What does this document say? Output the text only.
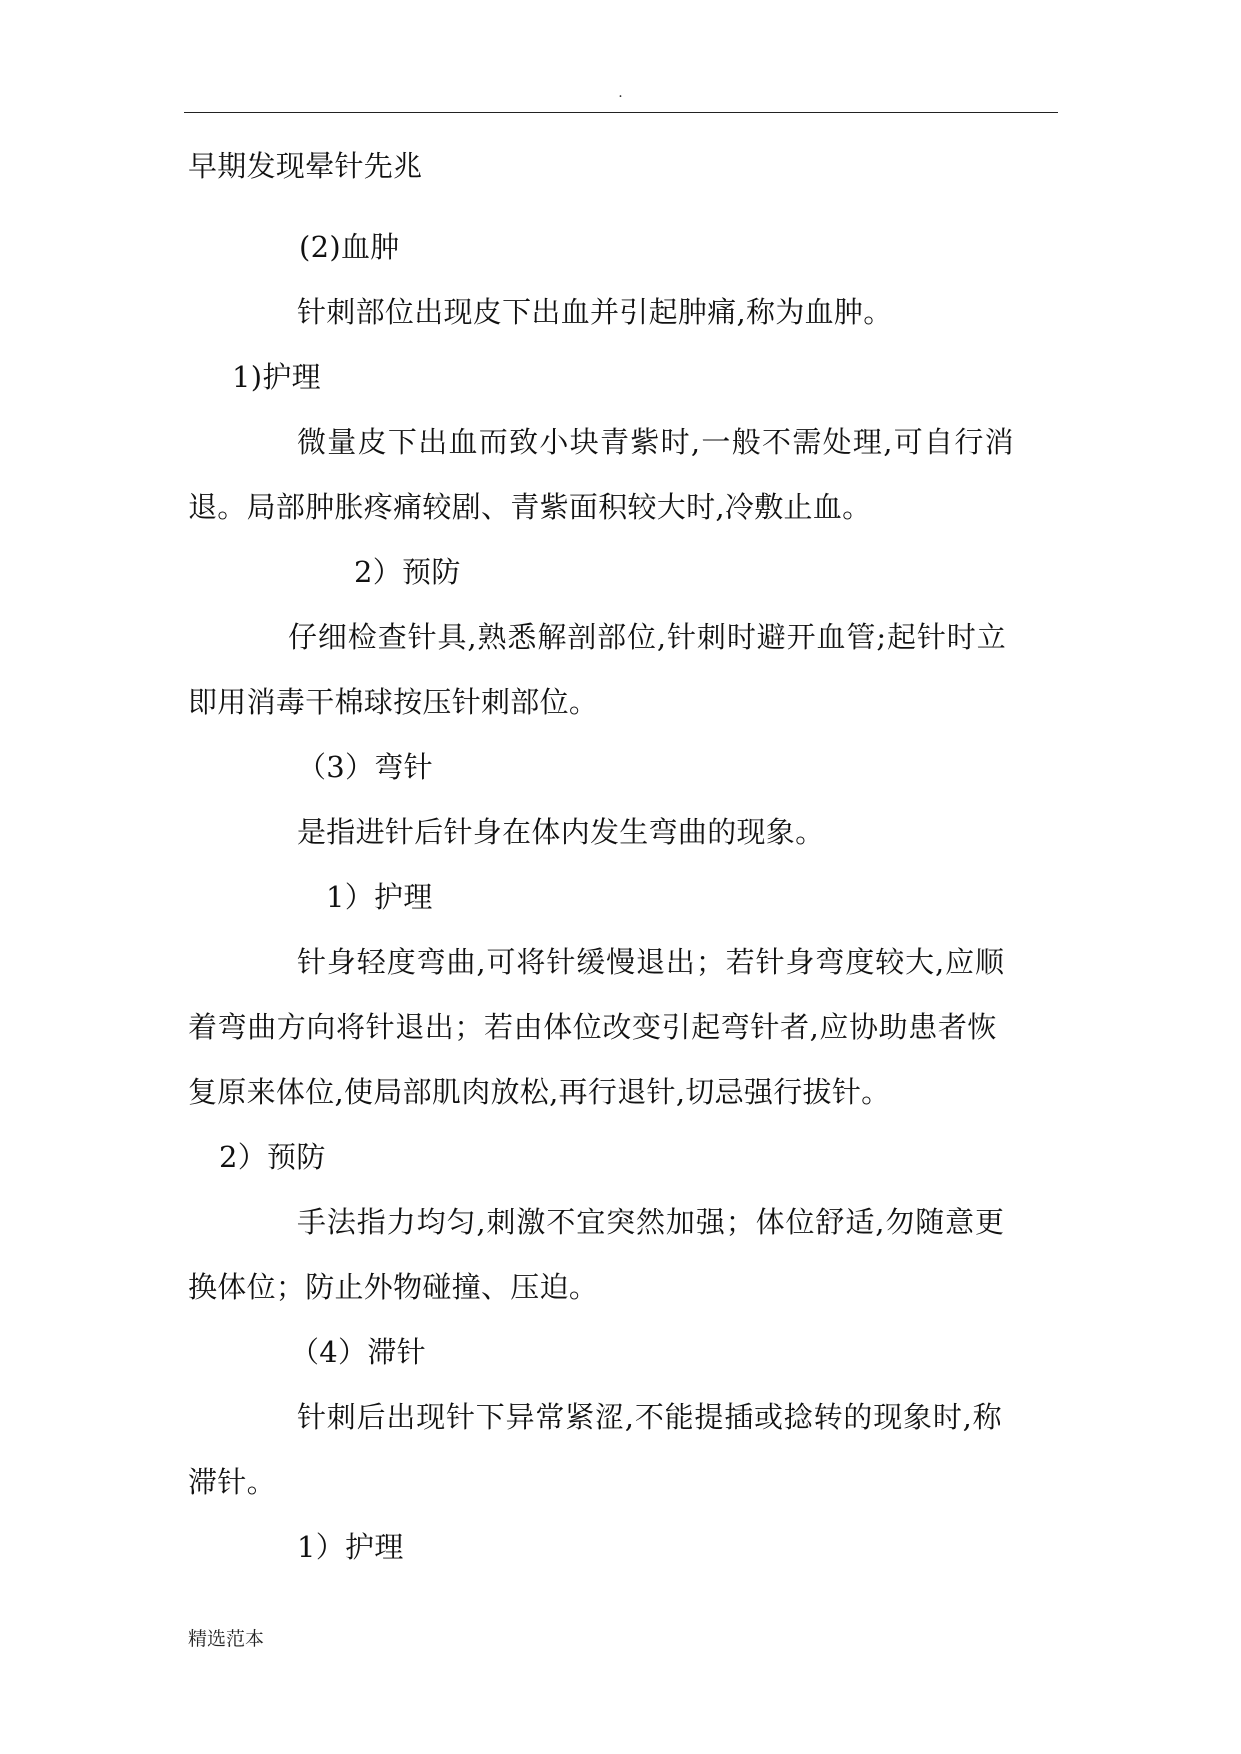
.
早期发现晕针先兆
(2)血肿
针刺部位出现皮下出血并引起肿痛,称为血肿。
1)护理
微量皮下出血而致小块青紫时,一般不需处理,可自行消
退。局部肿胀疼痛较剧、青紫面积较大时,冷敷止血。
2）预防
仔细检查针具,熟悉解剖部位,针刺时避开血管;起针时立
即用消毒干棉球按压针刺部位。
（3）弯针
是指进针后针身在体内发生弯曲的现象。
1）护理
针身轻度弯曲,可将针缓慢退出；若针身弯度较大,应顺
着弯曲方向将针退出；若由体位改变引起弯针者,应协助患者恢
复原来体位,使局部肌肉放松,再行退针,切忌强行拔针。
2）预防
手法指力均匀,刺激不宜突然加强；体位舒适,勿随意更
换体位；防止外物碰撞、压迫。
（4）滞针
针刺后出现针下异常紧涩,不能提插或捻转的现象时,称
滞针。
1）护理
精选范本
